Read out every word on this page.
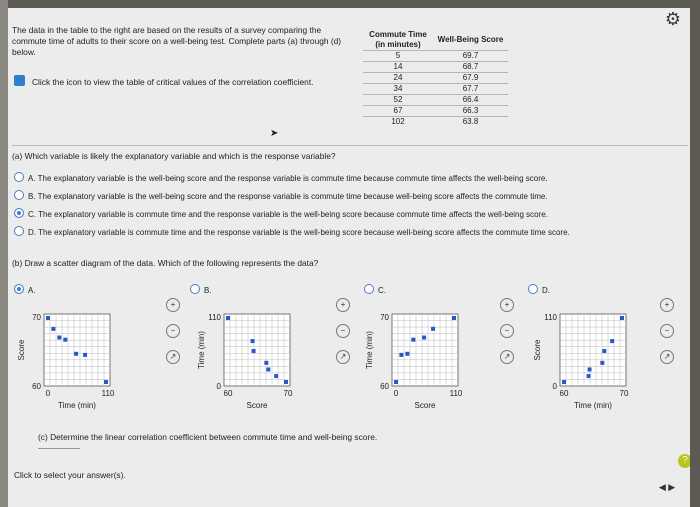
⚙
The data in the table to the right are based on the results of a survey comparing the commute time of adults to their score on a well-being test. Complete parts (a) through (d) below.
Click the icon to view the table of critical values of the correlation coefficient.
Commute Time (in minutes)	Well-Being Score
5	69.7
14	68.7
24	67.9
34	67.7
52	66.4
67	66.3
102	63.8
➤
(a) Which variable is likely the explanatory variable and which is the response variable?
A. The explanatory variable is the well-being score and the response variable is commute time because commute time affects the well-being score.
B. The explanatory variable is the well-being score and the response variable is commute time because well-being score affects the commute time.
C. The explanatory variable is commute time and the response variable is the well-being score because commute time affects the well-being score.
D. The explanatory variable is commute time and the response variable is the well-being score because well-being score affects the commute time score.
(b) Draw a scatter diagram of the data. Which of the following represents the data?
A.	B.	C.	D.
60
70
0	110
Time (min)
Score
0
110
60	70
Score
Time (min)
60
70
0	110
Score
Time (min)
0
110
60	70
Time (min)
Score
+
−
↗
+
−
↗
+
−
↗
+
−
↗
(c) Determine the linear correlation coefficient between commute time and well-being score.
Click to select your answer(s).
?
◀ ▶
